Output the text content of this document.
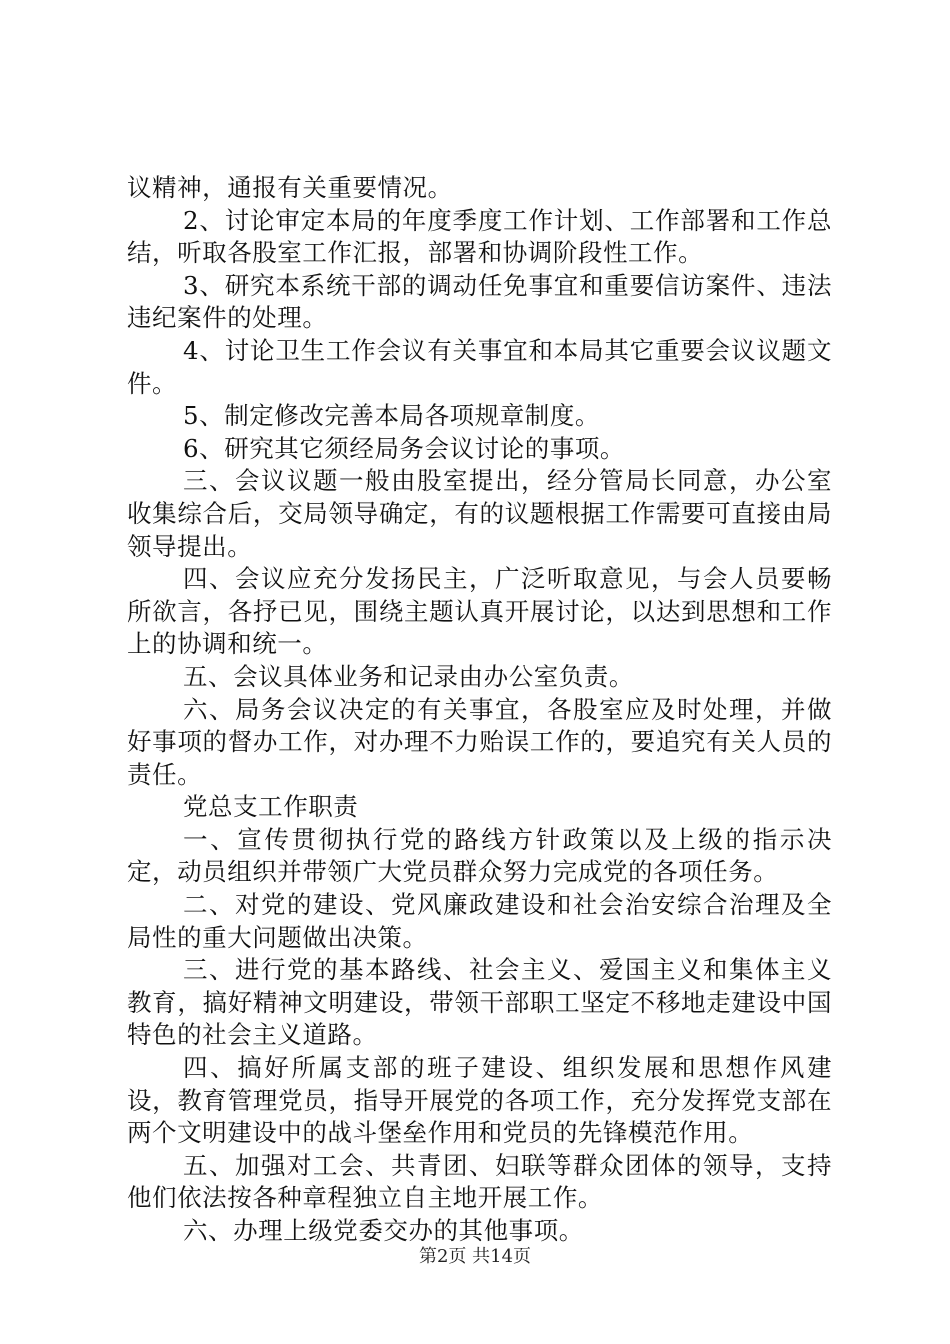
议精神，通报有关重要情况。

2、讨论审定本局的年度季度工作计划、工作部署和工作总结，听取各股室工作汇报，部署和协调阶段性工作。

3、研究本系统干部的调动任免事宜和重要信访案件、违法违纪案件的处理。

4、讨论卫生工作会议有关事宜和本局其它重要会议议题文件。

5、制定修改完善本局各项规章制度。

6、研究其它须经局务会议讨论的事项。

三、会议议题一般由股室提出，经分管局长同意，办公室收集综合后，交局领导确定，有的议题根据工作需要可直接由局领导提出。

四、会议应充分发扬民主，广泛听取意见，与会人员要畅所欲言，各抒已见，围绕主题认真开展讨论，以达到思想和工作上的协调和统一。

五、会议具体业务和记录由办公室负责。

六、局务会议决定的有关事宜，各股室应及时处理，并做好事项的督办工作，对办理不力贻误工作的，要追究有关人员的责任。

党总支工作职责

一、宣传贯彻执行党的路线方针政策以及上级的指示决定，动员组织并带领广大党员群众努力完成党的各项任务。

二、对党的建设、党风廉政建设和社会治安综合治理及全局性的重大问题做出决策。

三、进行党的基本路线、社会主义、爱国主义和集体主义教育，搞好精神文明建设，带领干部职工坚定不移地走建设中国特色的社会主义道路。

四、搞好所属支部的班子建设、组织发展和思想作风建设，教育管理党员，指导开展党的各项工作，充分发挥党支部在两个文明建设中的战斗堡垒作用和党员的先锋模范作用。

五、加强对工会、共青团、妇联等群众团体的领导，支持他们依法按各种章程独立自主地开展工作。

六、办理上级党委交办的其他事项。

第2页 共14页
